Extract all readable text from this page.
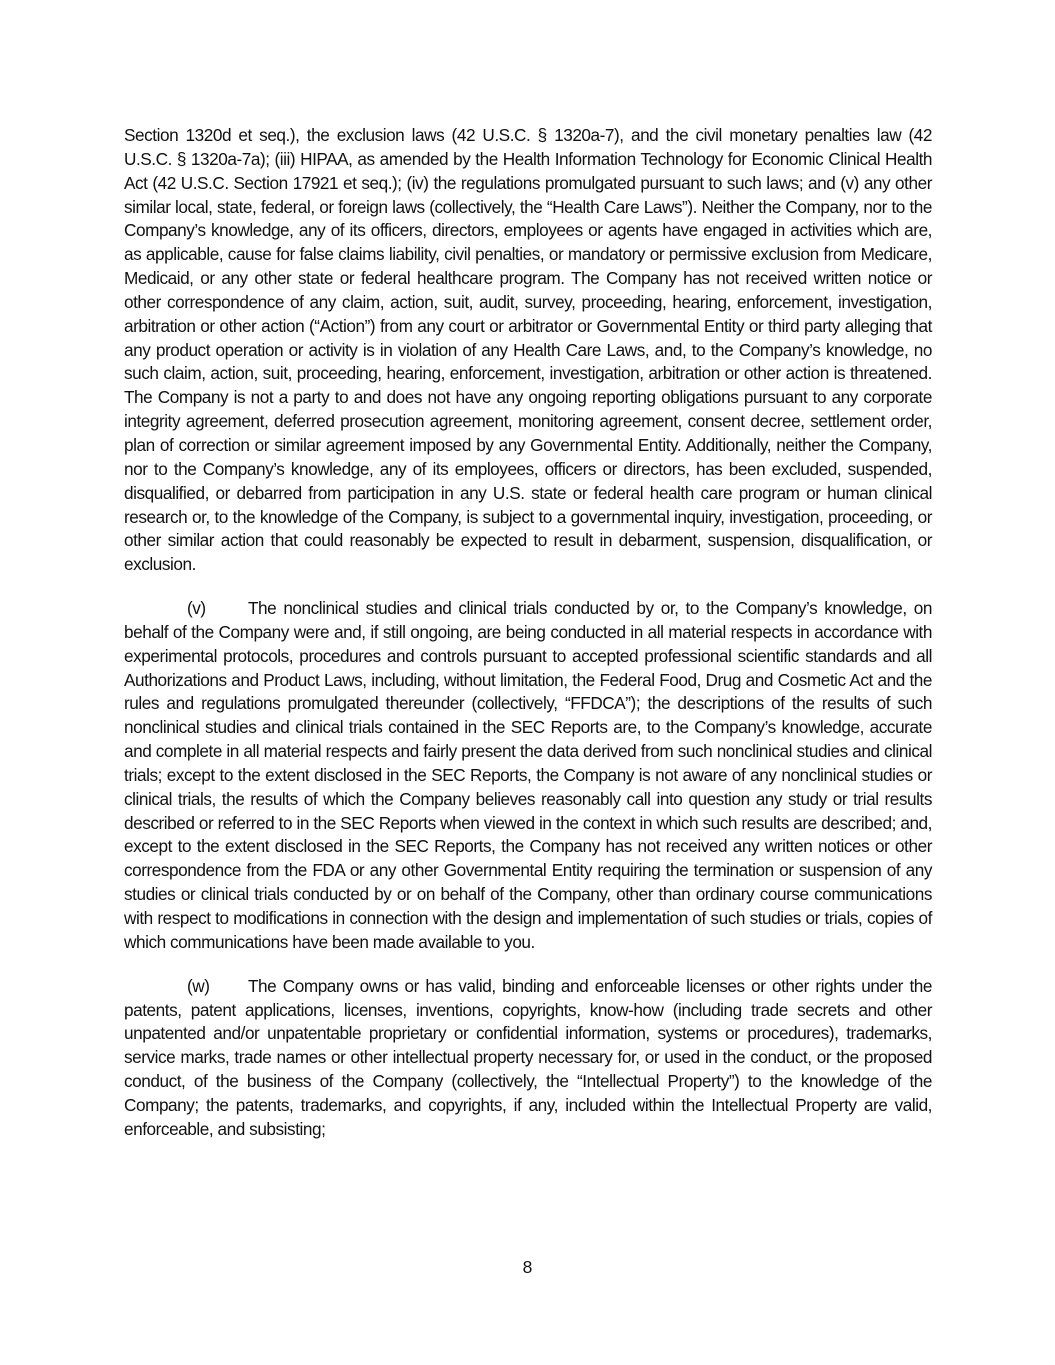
Section 1320d et seq.), the exclusion laws (42 U.S.C. § 1320a-7), and the civil monetary penalties law (42 U.S.C. § 1320a-7a); (iii) HIPAA, as amended by the Health Information Technology for Economic Clinical Health Act (42 U.S.C. Section 17921 et seq.); (iv) the regulations promulgated pursuant to such laws; and (v) any other similar local, state, federal, or foreign laws (collectively, the “Health Care Laws”). Neither the Company, nor to the Company’s knowledge, any of its officers, directors, employees or agents have engaged in activities which are, as applicable, cause for false claims liability, civil penalties, or mandatory or permissive exclusion from Medicare, Medicaid, or any other state or federal healthcare program. The Company has not received written notice or other correspondence of any claim, action, suit, audit, survey, proceeding, hearing, enforcement, investigation, arbitration or other action (“Action”) from any court or arbitrator or Governmental Entity or third party alleging that any product operation or activity is in violation of any Health Care Laws, and, to the Company’s knowledge, no such claim, action, suit, proceeding, hearing, enforcement, investigation, arbitration or other action is threatened. The Company is not a party to and does not have any ongoing reporting obligations pursuant to any corporate integrity agreement, deferred prosecution agreement, monitoring agreement, consent decree, settlement order, plan of correction or similar agreement imposed by any Governmental Entity. Additionally, neither the Company, nor to the Company’s knowledge, any of its employees, officers or directors, has been excluded, suspended, disqualified, or debarred from participation in any U.S. state or federal health care program or human clinical research or, to the knowledge of the Company, is subject to a governmental inquiry, investigation, proceeding, or other similar action that could reasonably be expected to result in debarment, suspension, disqualification, or exclusion.

(v) The nonclinical studies and clinical trials conducted by or, to the Company’s knowledge, on behalf of the Company were and, if still ongoing, are being conducted in all material respects in accordance with experimental protocols, procedures and controls pursuant to accepted professional scientific standards and all Authorizations and Product Laws, including, without limitation, the Federal Food, Drug and Cosmetic Act and the rules and regulations promulgated thereunder (collectively, “FFDCA”); the descriptions of the results of such nonclinical studies and clinical trials contained in the SEC Reports are, to the Company’s knowledge, accurate and complete in all material respects and fairly present the data derived from such nonclinical studies and clinical trials; except to the extent disclosed in the SEC Reports, the Company is not aware of any nonclinical studies or clinical trials, the results of which the Company believes reasonably call into question any study or trial results described or referred to in the SEC Reports when viewed in the context in which such results are described; and, except to the extent disclosed in the SEC Reports, the Company has not received any written notices or other correspondence from the FDA or any other Governmental Entity requiring the termination or suspension of any studies or clinical trials conducted by or on behalf of the Company, other than ordinary course communications with respect to modifications in connection with the design and implementation of such studies or trials, copies of which communications have been made available to you.

(w) The Company owns or has valid, binding and enforceable licenses or other rights under the patents, patent applications, licenses, inventions, copyrights, know-how (including trade secrets and other unpatented and/or unpatentable proprietary or confidential information, systems or procedures), trademarks, service marks, trade names or other intellectual property necessary for, or used in the conduct, or the proposed conduct, of the business of the Company (collectively, the “Intellectual Property”) to the knowledge of the Company; the patents, trademarks, and copyrights, if any, included within the Intellectual Property are valid, enforceable, and subsisting;

8
